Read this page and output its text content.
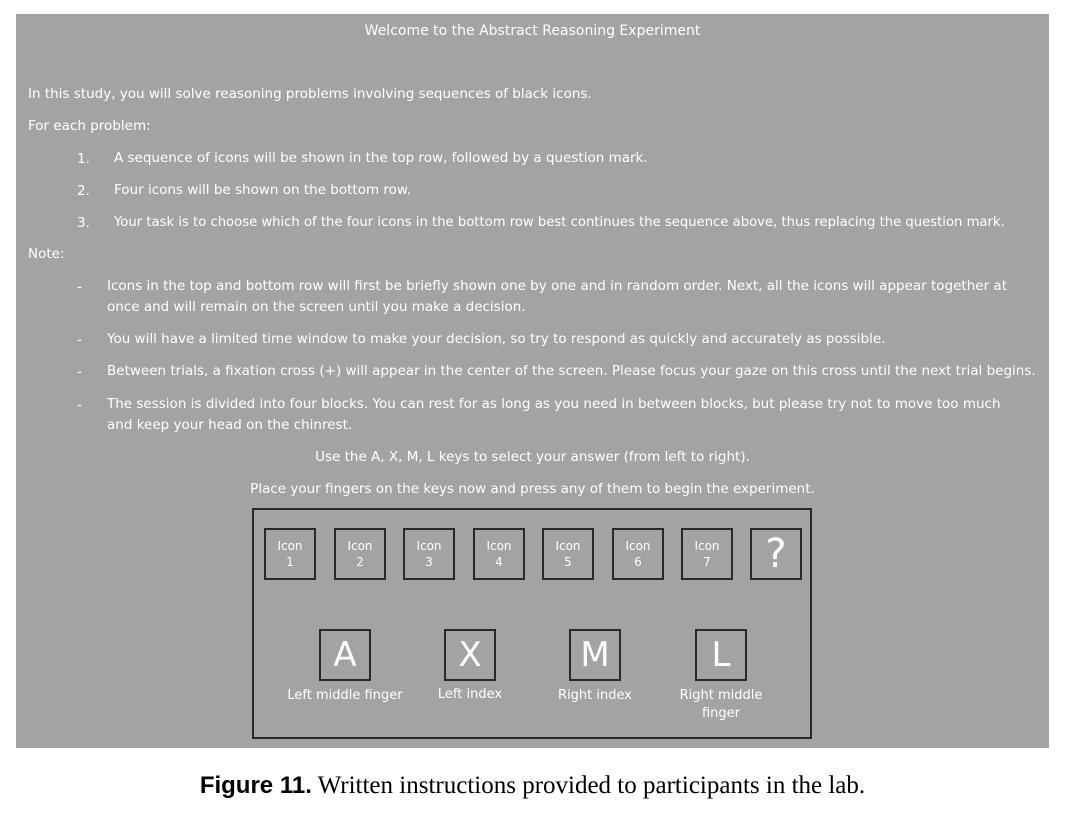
Welcome to the Abstract Reasoning Experiment
In this study, you will solve reasoning problems involving sequences of black icons.
For each problem:
1. A sequence of icons will be shown in the top row, followed by a question mark.
2. Four icons will be shown on the bottom row.
3. Your task is to choose which of the four icons in the bottom row best continues the sequence above, thus replacing the question mark.
Note:
- Icons in the top and bottom row will first be briefly shown one by one and in random order. Next, all the icons will appear together at once and will remain on the screen until you make a decision.
- You will have a limited time window to make your decision, so try to respond as quickly and accurately as possible.
- Between trials, a fixation cross (+) will appear in the center of the screen. Please focus your gaze on this cross until the next trial begins.
- The session is divided into four blocks. You can rest for as long as you need in between blocks, but please try not to move too much and keep your head on the chinrest.
Use the A, X, M, L keys to select your answer (from left to right).
Place your fingers on the keys now and press any of them to begin the experiment.
Icon
1
Icon
2
Icon
3
Icon
4
Icon
5
Icon
6
Icon
7	?
A
Left middle finger
X
Left index
M
Right index
L
Right middle finger
Figure 11. Written instructions provided to participants in the lab.
